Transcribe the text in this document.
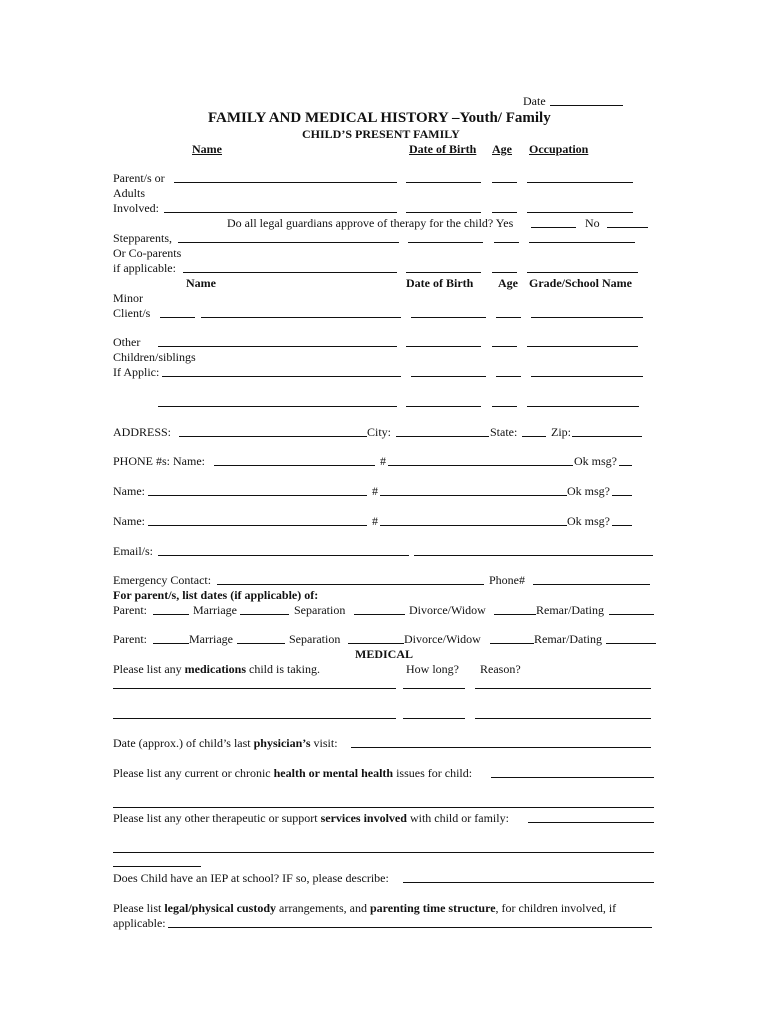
Date
FAMILY AND MEDICAL HISTORY –Youth/ Family
CHILD’S PRESENT FAMILY
Name	Date of Birth Age Occupation
Parent/s or
Adults
Involved:
Do all legal guardians approve of therapy for the child? Yes	No
Stepparents,
Or Co-parents
if applicable:
Name	Date of Birth Age Grade/School Name
Minor
Client/s
Other
Children/siblings
If Applic:
ADDRESS:	City:	State:	Zip:
PHONE #s: Name:	#	Ok msg?
Name:	#	Ok msg?
Name:	#	Ok msg?
Email/s:
Emergency Contact:	Phone#
For parent/s, list dates (if applicable) of:
Parent:	Marriage	Separation	Divorce/Widow	Remar/Dating
Parent:	Marriage	Separation	Divorce/Widow	Remar/Dating
MEDICAL
Please list any medications child is taking.	How long? Reason?
Date (approx.) of child’s last physician’s visit:
Please list any current or chronic health or mental health issues for child:
Please list any other therapeutic or support services involved with child or family:
Does Child have an IEP at school? IF so, please describe:
Please list legal/physical custody arrangements, and parenting time structure, for children involved, if
applicable:
